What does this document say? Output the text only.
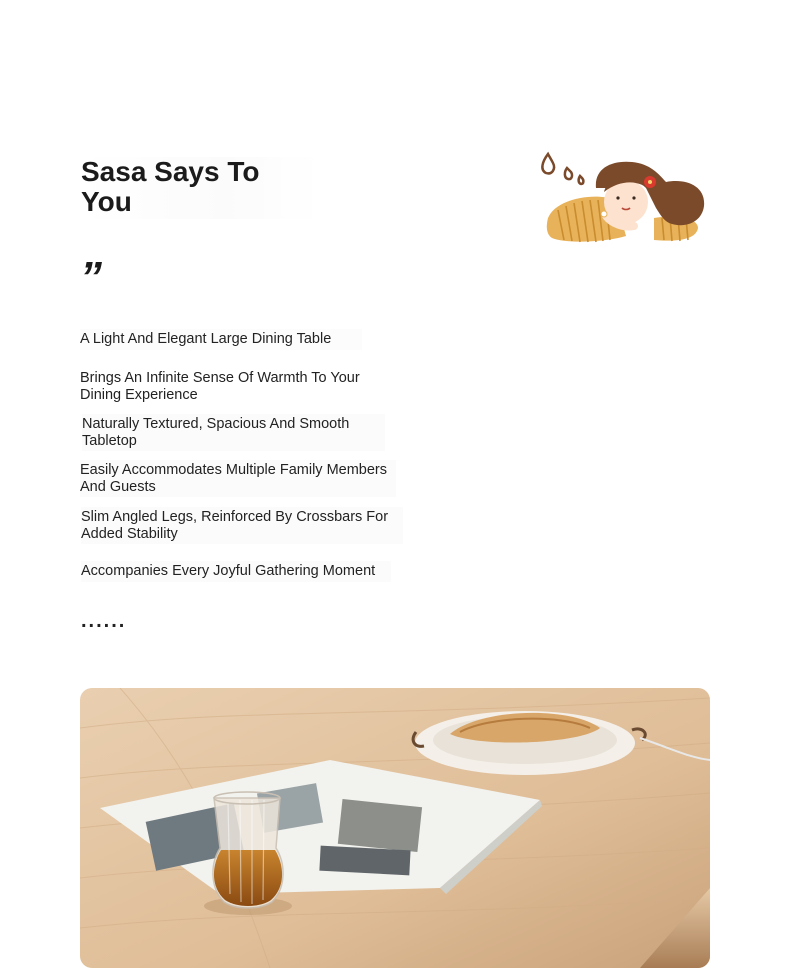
Sasa Says To
You
”
A Light And Elegant Large Dining Table
Brings An Infinite Sense Of Warmth To Your Dining Experience
Naturally Textured, Spacious And Smooth Tabletop
Easily Accommodates Multiple Family Members And Guests
Slim Angled Legs, Reinforced By Crossbars For Added Stability
Accompanies Every Joyful Gathering Moment
......
